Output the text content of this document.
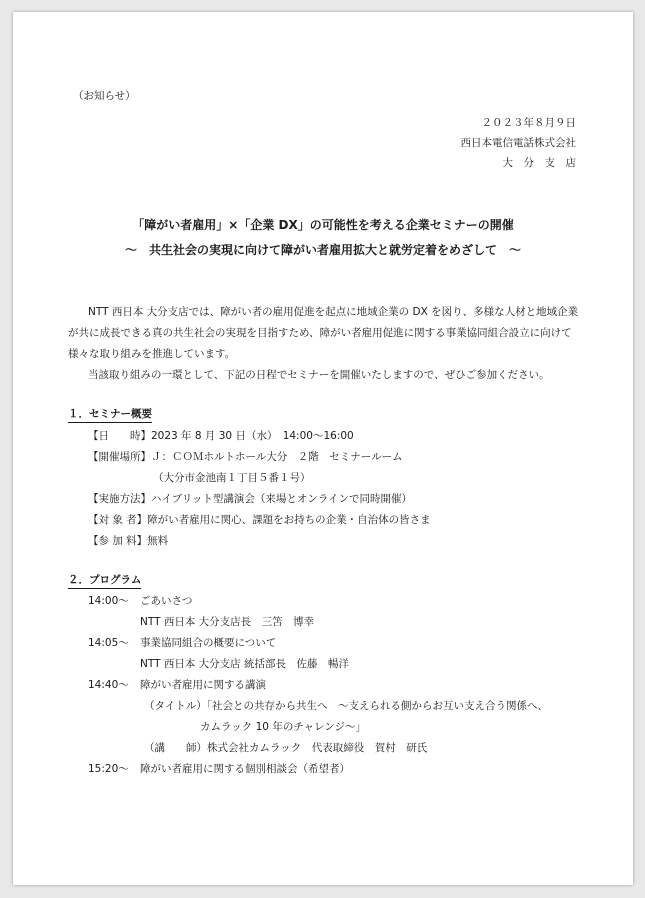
（お知らせ）
２０２３年８月９日
西日本電信電話株式会社
大　分　支　店
「障がい者雇用」×「企業 DX」の可能性を考える企業セミナーの開催
～　共生社会の実現に向けて障がい者雇用拡大と就労定着をめざして　～
NTT 西日本 大分支店では、障がい者の雇用促進を起点に地域企業の DX を図り、多様な人材と地域企業
が共に成長できる真の共生社会の実現を目指すため、障がい者雇用促進に関する事業協同組合設立に向けて
様々な取り組みを推進しています。
当該取り組みの一環として、下記の日程でセミナーを開催いたしますので、ぜひご参加ください。
１．セミナー概要
【日　　時】2023 年 8 月 30 日（水）　14:00～16:00
【開催場所】Ｊ：ＣＯＭホルトホール大分　２階　セミナールーム
（大分市金池南１丁目５番１号）
【実施方法】ハイブリット型講演会（来場とオンラインで同時開催）
【対 象 者】障がい者雇用に関心、課題をお持ちの企業・自治体の皆さま
【参 加 料】無料
２．プログラム
14:00～ ごあいさつ
NTT 西日本 大分支店長　三笘　博幸
14:05～ 事業協同組合の概要について
NTT 西日本 大分支店 統括部長　佐藤　暢洋
14:40～ 障がい者雇用に関する講演
（タイトル）「社会との共存から共生へ　～支えられる側からお互い支え合う関係へ、
カムラック 10 年のチャレンジ～」
（講　　師）株式会社カムラック　代表取締役　賀村　研氏
15:20～ 障がい者雇用に関する個別相談会（希望者）
